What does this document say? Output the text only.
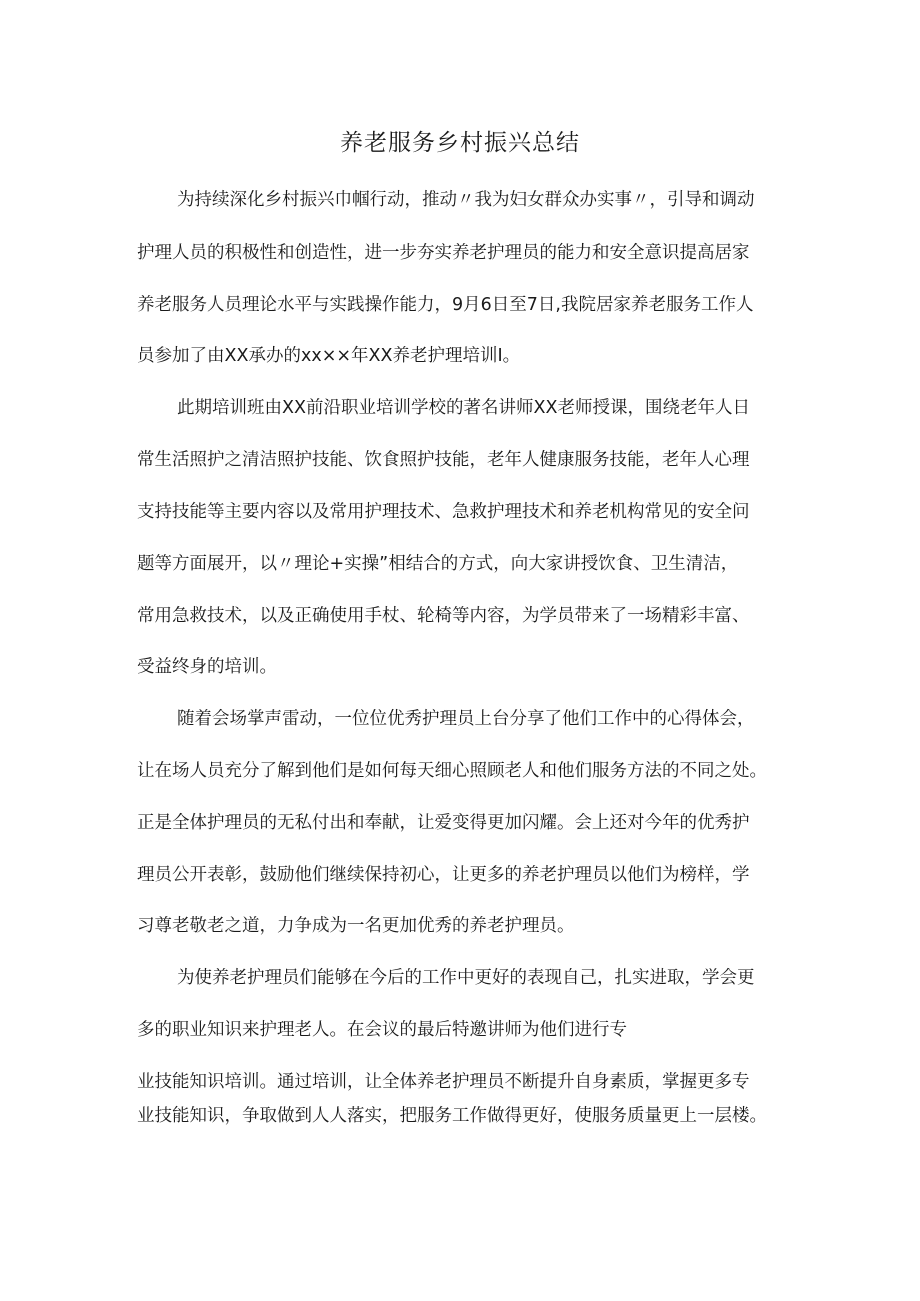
养老服务乡村振兴总结

为持续深化乡村振兴巾帼行动，推动〃我为妇女群众办实事〃，引导和调动

护理人员的积极性和创造性，进一步夯实养老护理员的能力和安全意识提高居家

养老服务人员理论水平与实践操作能力，9月6日至7日,我院居家养老服务工作人

员参加了由XX承办的xx××年XX养老护理培训I。

此期培训班由XX前沿职业培训学校的著名讲师XX老师授课，围绕老年人日

常生活照护之清洁照护技能、饮食照护技能，老年人健康服务技能，老年人心理

支持技能等主要内容以及常用护理技术、急救护理技术和养老机构常见的安全问

题等方面展开，以〃理论+实操”相结合的方式，向大家讲授饮食、卫生清洁，

常用急救技术，以及正确使用手杖、轮椅等内容，为学员带来了一场精彩丰富、

受益终身的培训。

随着会场掌声雷动，一位位优秀护理员上台分享了他们工作中的心得体会，

让在场人员充分了解到他们是如何每天细心照顾老人和他们服务方法的不同之处。

正是全体护理员的无私付出和奉献，让爱变得更加闪耀。会上还对今年的优秀护

理员公开表彰，鼓励他们继续保持初心，让更多的养老护理员以他们为榜样，学

习尊老敬老之道，力争成为一名更加优秀的养老护理员。

为使养老护理员们能够在今后的工作中更好的表现自己，扎实进取，学会更

多的职业知识来护理老人。在会议的最后特邀讲师为他们进行专

业技能知识培训。通过培训，让全体养老护理员不断提升自身素质，掌握更多专

业技能知识，争取做到人人落实，把服务工作做得更好，使服务质量更上一层楼。
